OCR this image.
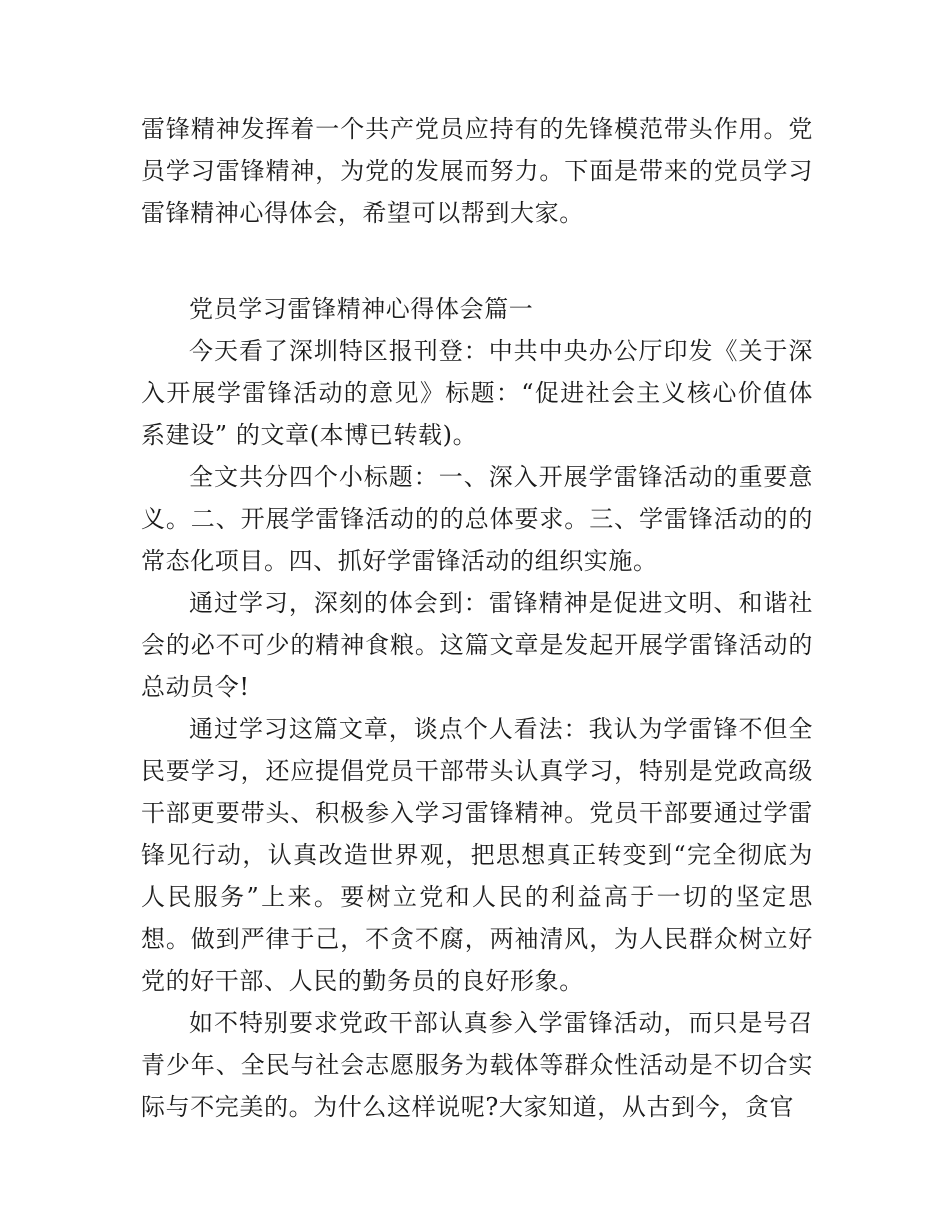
雷锋精神发挥着一个共产党员应持有的先锋模范带头作用。党员学习雷锋精神，为党的发展而努力。下面是带来的党员学习雷锋精神心得体会，希望可以帮到大家。

党员学习雷锋精神心得体会篇一

今天看了深圳特区报刊登：中共中央办公厅印发《关于深入开展学雷锋活动的意见》标题：“促进社会主义核心价值体系建设” 的文章(本博已转载)。

全文共分四个小标题：一、深入开展学雷锋活动的重要意义。二、开展学雷锋活动的的总体要求。三、学雷锋活动的的常态化项目。四、抓好学雷锋活动的组织实施。

通过学习，深刻的体会到：雷锋精神是促进文明、和谐社会的必不可少的精神食粮。这篇文章是发起开展学雷锋活动的总动员令!

通过学习这篇文章，谈点个人看法：我认为学雷锋不但全民要学习，还应提倡党员干部带头认真学习，特别是党政高级干部更要带头、积极参入学习雷锋精神。党员干部要通过学雷锋见行动，认真改造世界观，把思想真正转变到“完全彻底为人民服务”上来。要树立党和人民的利益高于一切的坚定思想。做到严律于己，不贪不腐，两袖清风，为人民群众树立好党的好干部、人民的勤务员的良好形象。

如不特别要求党政干部认真参入学雷锋活动，而只是号召青少年、全民与社会志愿服务为载体等群众性活动是不切合实际与不完美的。为什么这样说呢?大家知道，从古到今，贪官
